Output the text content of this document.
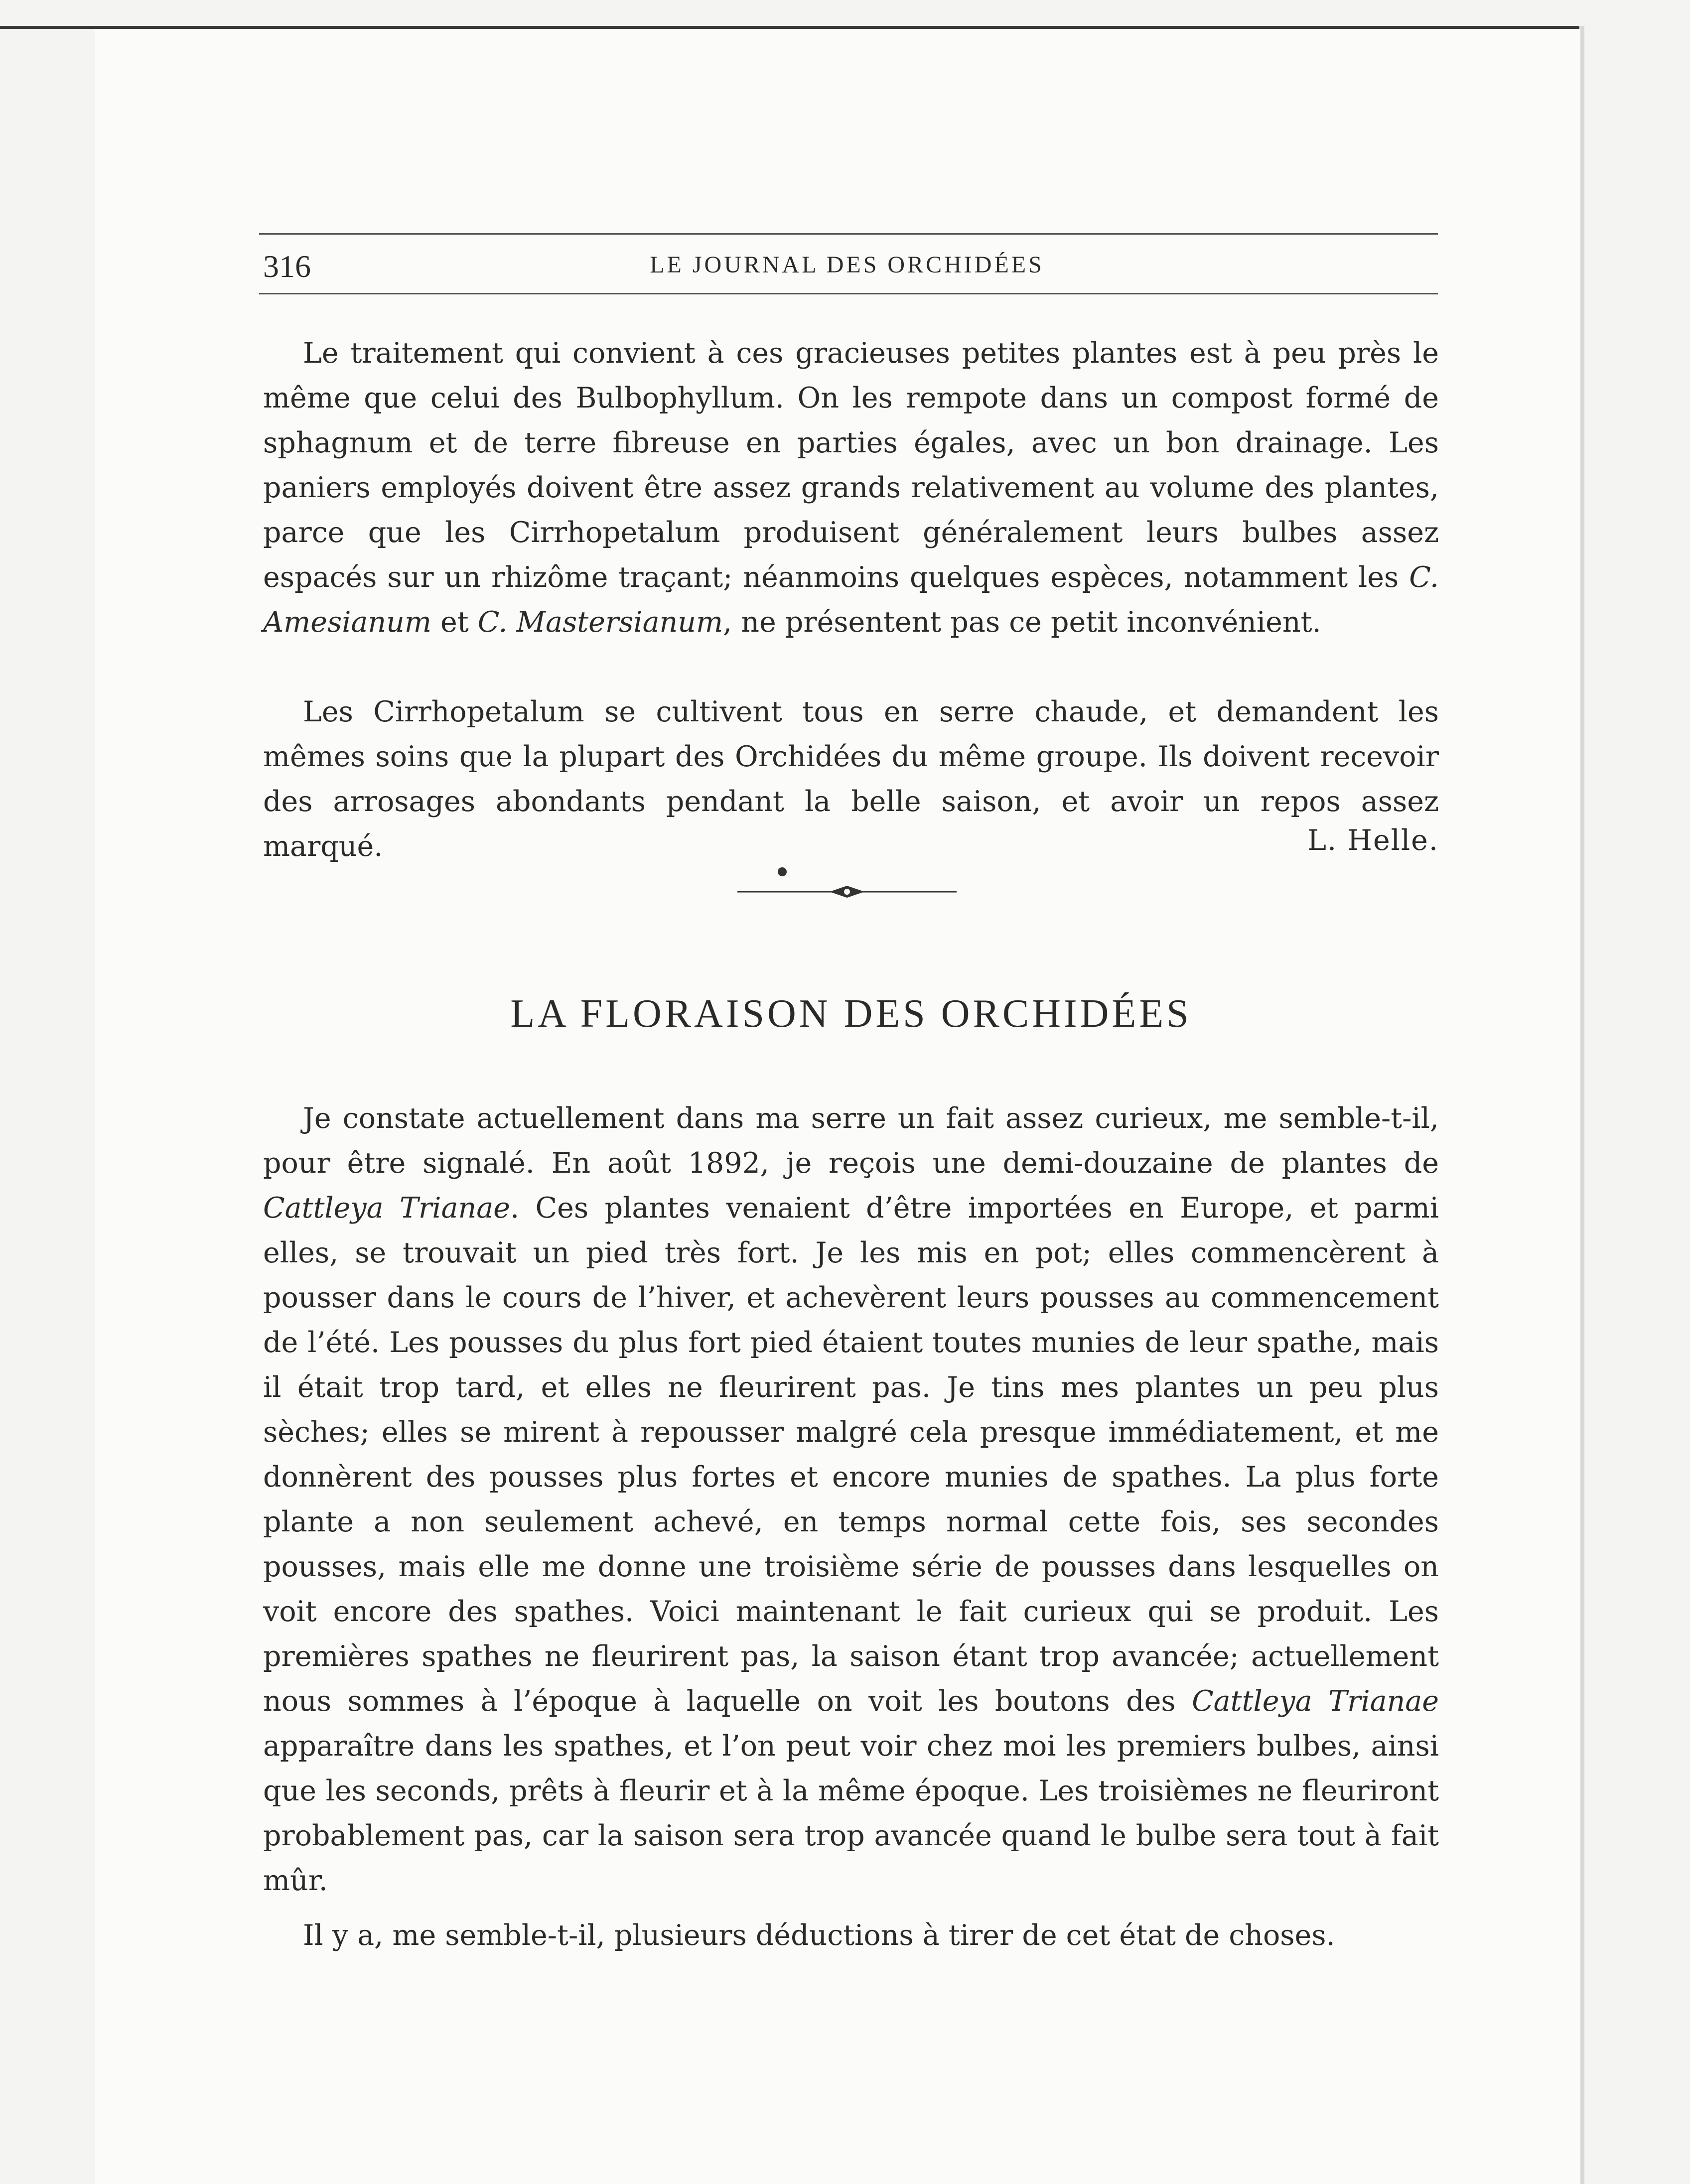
316	LE JOURNAL DES ORCHIDÉES

Le traitement qui convient à ces gracieuses petites plantes est à peu près le même que celui des Bulbophyllum. On les rempote dans un compost formé de sphagnum et de terre fibreuse en parties égales, avec un bon drainage. Les paniers employés doivent être assez grands relativement au volume des plantes, parce que les Cirrhopetalum produisent généralement leurs bulbes assez espacés sur un rhizôme traçant; néanmoins quelques espèces, notamment les C. Amesianum et C. Mastersianum, ne présentent pas ce petit inconvénient.

Les Cirrhopetalum se cultivent tous en serre chaude, et demandent les mêmes soins que la plupart des Orchidées du même groupe. Ils doivent recevoir des arrosages abondants pendant la belle saison, et avoir un repos assez marqué.	L. Helle.
LA FLORAISON DES ORCHIDÉES

Je constate actuellement dans ma serre un fait assez curieux, me semble-t-il, pour être signalé. En août 1892, je reçois une demi-douzaine de plantes de Cattleya Trianae. Ces plantes venaient d’être importées en Europe, et parmi elles, se trouvait un pied très fort. Je les mis en pot; elles commencèrent à pousser dans le cours de l’hiver, et achevèrent leurs pousses au commencement de l’été. Les pousses du plus fort pied étaient toutes munies de leur spathe, mais il était trop tard, et elles ne fleurirent pas. Je tins mes plantes un peu plus sèches; elles se mirent à repousser malgré cela presque immédiatement, et me donnèrent des pousses plus fortes et encore munies de spathes. La plus forte plante a non seulement achevé, en temps normal cette fois, ses secondes pousses, mais elle me donne une troisième série de pousses dans lesquelles on voit encore des spathes. Voici maintenant le fait curieux qui se produit. Les premières spathes ne fleurirent pas, la saison étant trop avancée; actuellement nous sommes à l’époque à laquelle on voit les boutons des Cattleya Trianae apparaître dans les spathes, et l’on peut voir chez moi les premiers bulbes, ainsi que les seconds, prêts à fleurir et à la même époque. Les troisièmes ne fleuriront probablement pas, car la saison sera trop avancée quand le bulbe sera tout à fait mûr.

Il y a, me semble-t-il, plusieurs déductions à tirer de cet état de choses.
